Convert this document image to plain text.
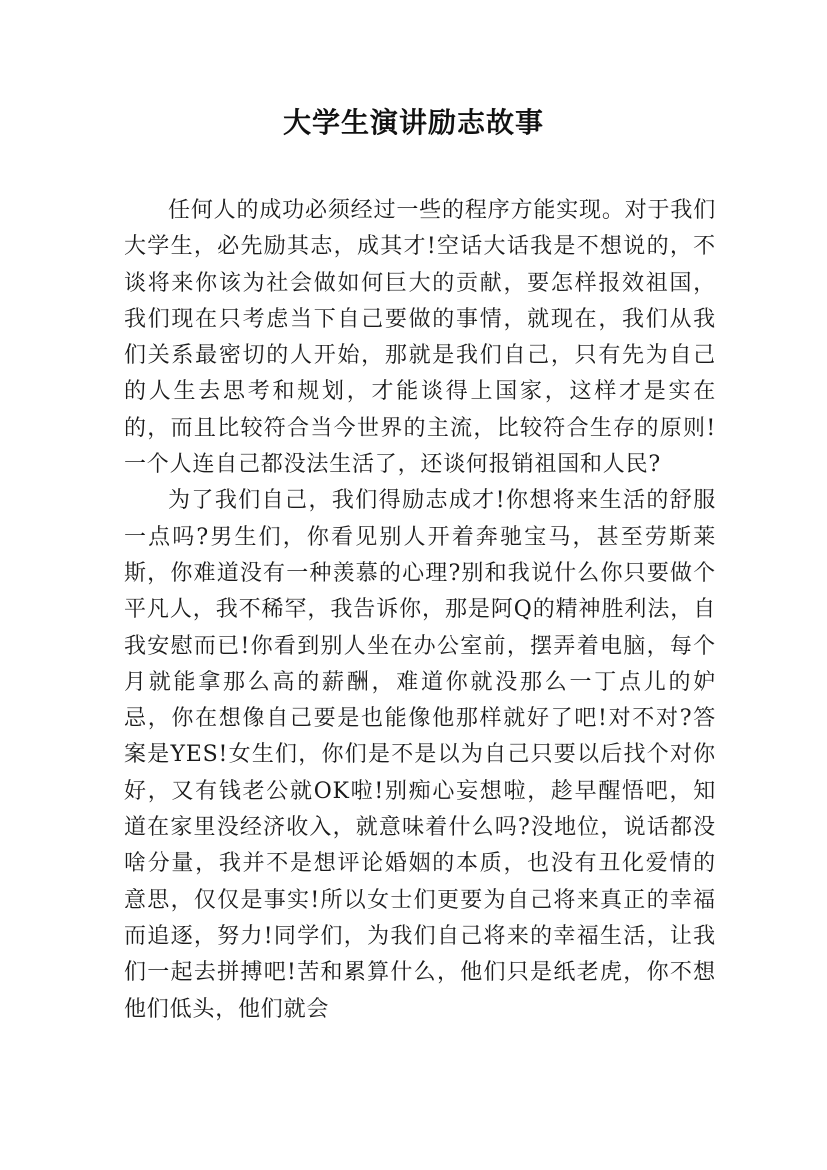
大学生演讲励志故事

任何人的成功必须经过一些的程序方能实现。对于我们大学生，必先励其志，成其才!空话大话我是不想说的，不谈将来你该为社会做如何巨大的贡献，要怎样报效祖国，我们现在只考虑当下自己要做的事情，就现在，我们从我们关系最密切的人开始，那就是我们自己，只有先为自己的人生去思考和规划，才能谈得上国家，这样才是实在的，而且比较符合当今世界的主流，比较符合生存的原则!一个人连自己都没法生活了，还谈何报销祖国和人民?

为了我们自己，我们得励志成才!你想将来生活的舒服一点吗?男生们，你看见别人开着奔驰宝马，甚至劳斯莱斯，你难道没有一种羡慕的心理?别和我说什么你只要做个平凡人，我不稀罕，我告诉你，那是阿Q的精神胜利法，自我安慰而已!你看到别人坐在办公室前，摆弄着电脑，每个月就能拿那么高的薪酬，难道你就没那么一丁点儿的妒忌，你在想像自己要是也能像他那样就好了吧!对不对?答案是YES!女生们，你们是不是以为自己只要以后找个对你好，又有钱老公就OK啦!别痴心妄想啦，趁早醒悟吧，知道在家里没经济收入，就意味着什么吗?没地位，说话都没啥分量，我并不是想评论婚姻的本质，也没有丑化爱情的意思，仅仅是事实!所以女士们更要为自己将来真正的幸福而追逐，努力!同学们，为我们自己将来的幸福生活，让我们一起去拼搏吧!苦和累算什么，他们只是纸老虎，你不想他们低头，他们就会
